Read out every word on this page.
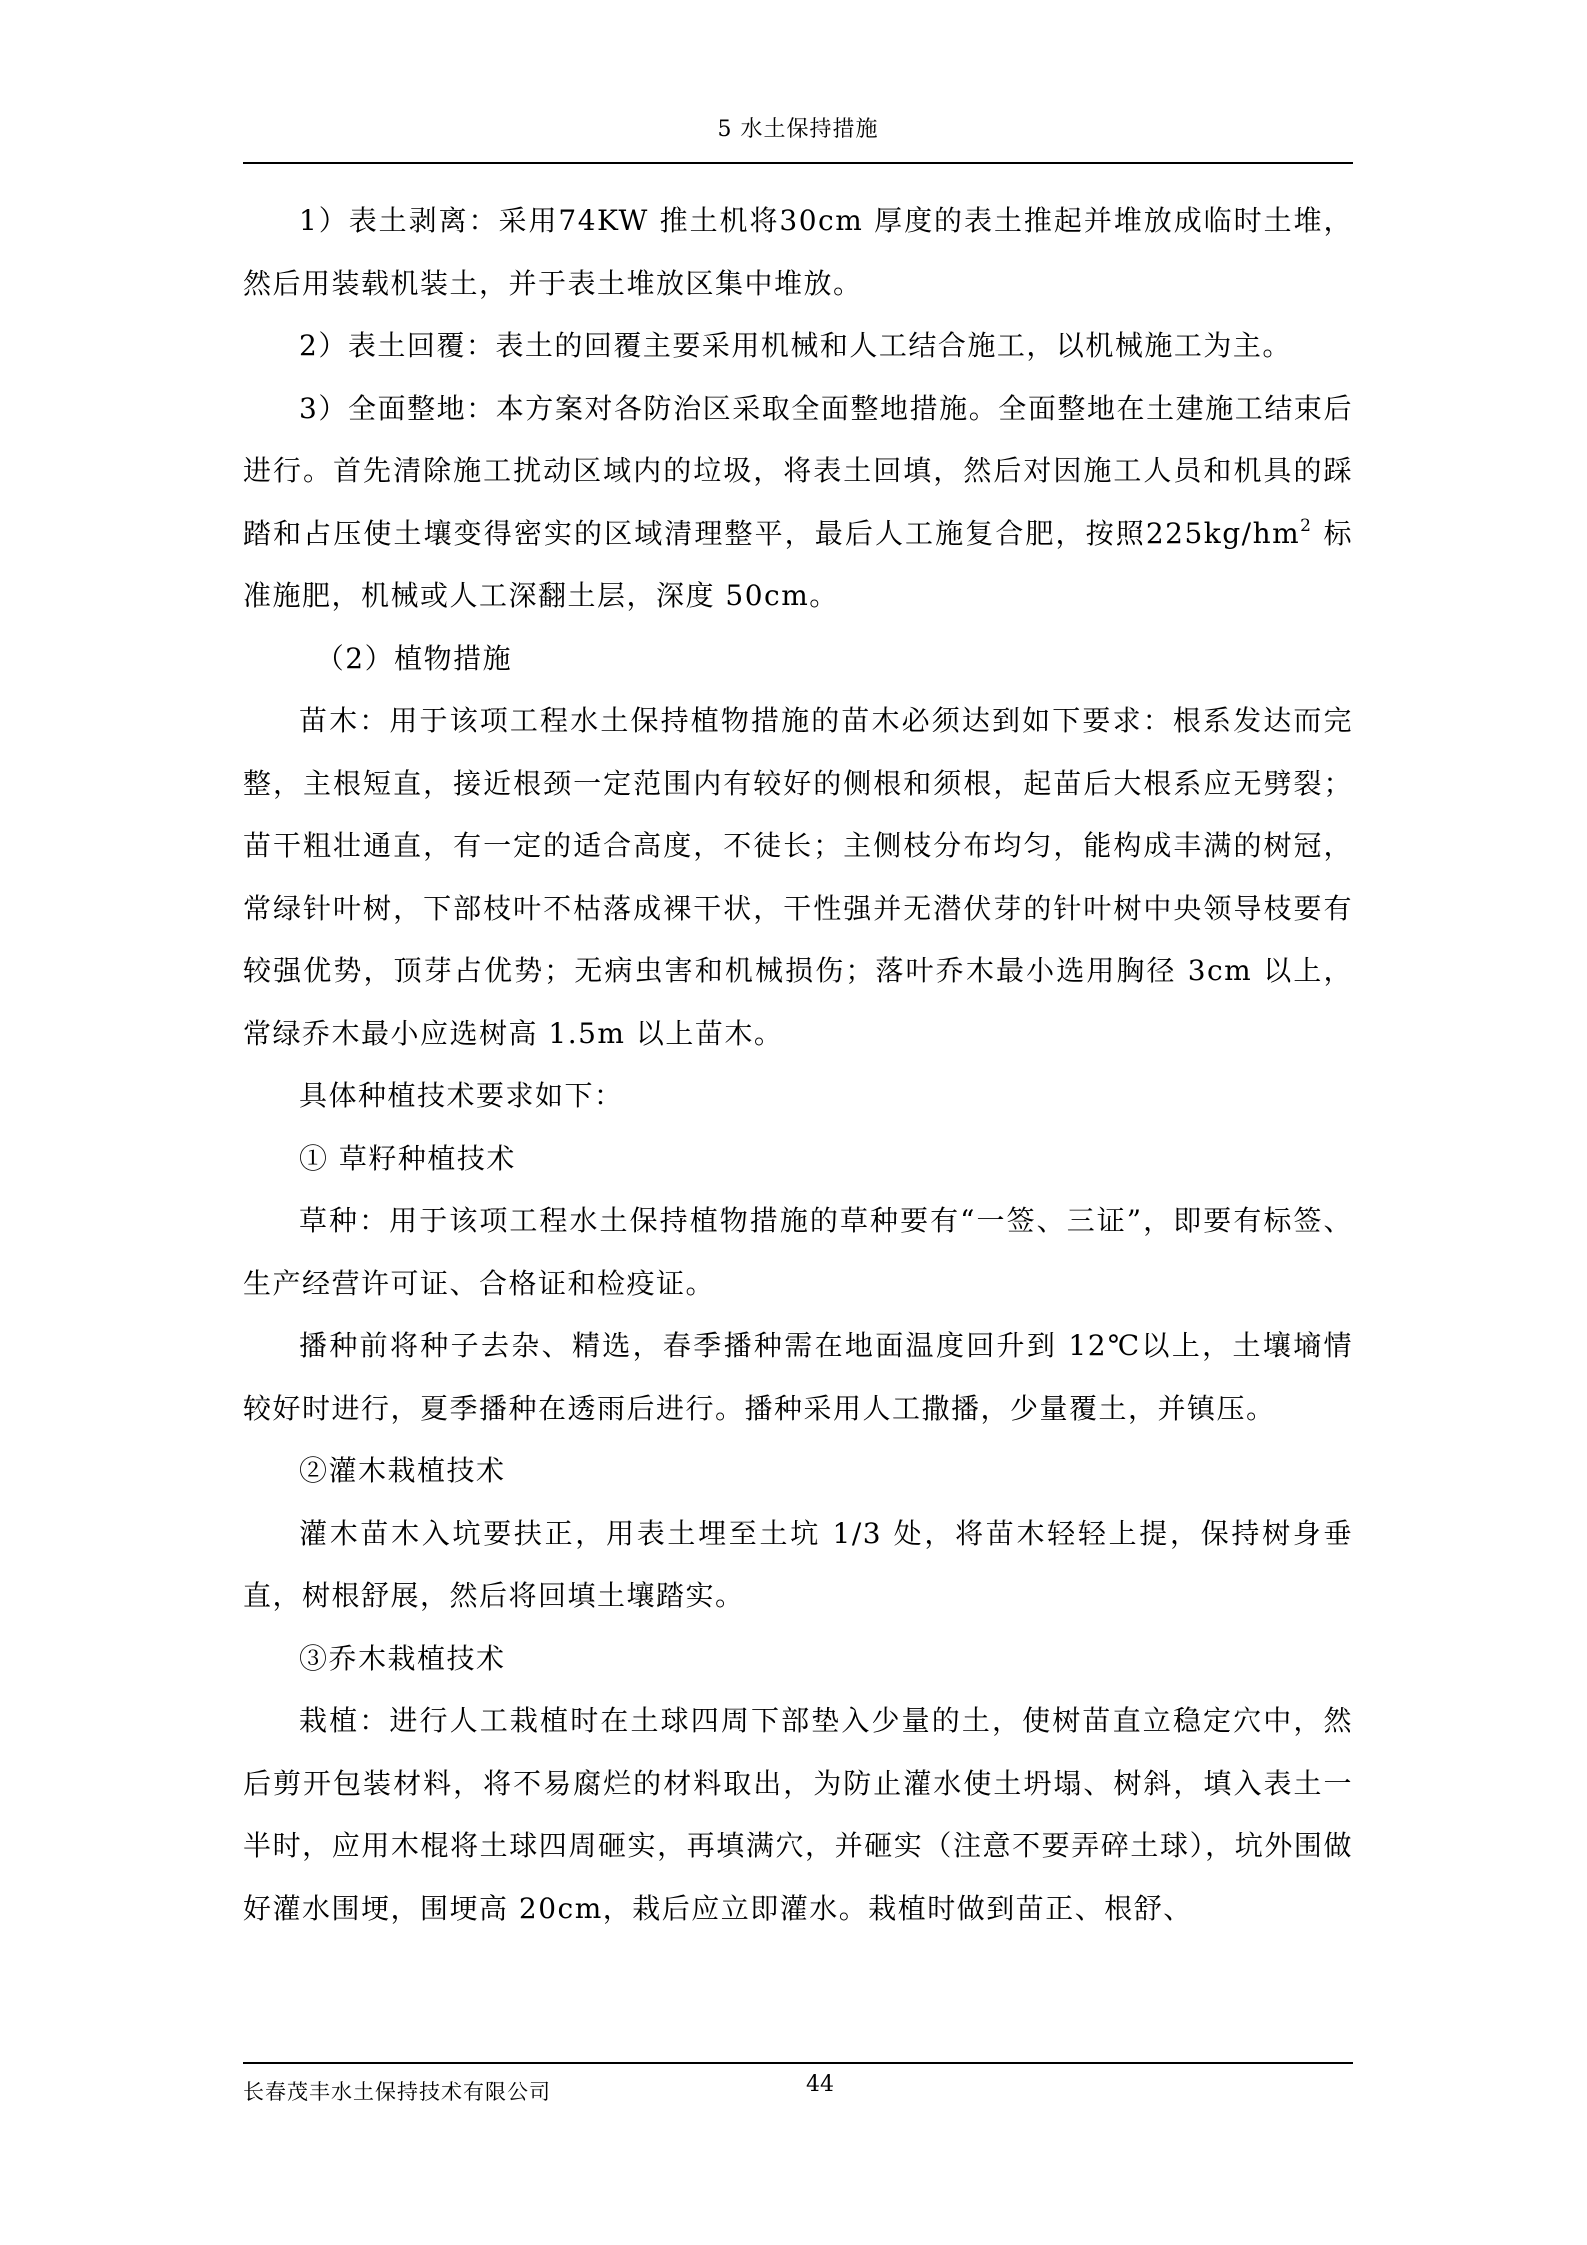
5 水土保持措施

1）表土剥离：采用74KW 推土机将30cm 厚度的表土推起并堆放成临时土堆，然后用装载机装土，并于表土堆放区集中堆放。

2）表土回覆：表土的回覆主要采用机械和人工结合施工，以机械施工为主。

3）全面整地：本方案对各防治区采取全面整地措施。全面整地在土建施工结束后进行。首先清除施工扰动区域内的垃圾，将表土回填，然后对因施工人员和机具的踩踏和占压使土壤变得密实的区域清理整平，最后人工施复合肥，按照$225kg/hm^2$ 标准施肥，机械或人工深翻土层，深度 50cm。

（2）植物措施

苗木：用于该项工程水土保持植物措施的苗木必须达到如下要求：根系发达而完整，主根短直，接近根颈一定范围内有较好的侧根和须根，起苗后大根系应无劈裂；苗干粗壮通直，有一定的适合高度，不徒长；主侧枝分布均匀，能构成丰满的树冠，常绿针叶树，下部枝叶不枯落成裸干状，干性强并无潜伏芽的针叶树中央领导枝要有较强优势，顶芽占优势；无病虫害和机械损伤；落叶乔木最小选用胸径 3cm 以上，常绿乔木最小应选树高 1.5m 以上苗木。

具体种植技术要求如下：

① 草籽种植技术

草种：用于该项工程水土保持植物措施的草种要有“一签、三证”，即要有标签、生产经营许可证、合格证和检疫证。

播种前将种子去杂、精选，春季播种需在地面温度回升到 12℃以上，土壤墒情较好时进行，夏季播种在透雨后进行。播种采用人工撒播，少量覆土，并镇压。

②灌木栽植技术

灌木苗木入坑要扶正，用表土埋至土坑 1/3 处，将苗木轻轻上提，保持树身垂直，树根舒展，然后将回填土壤踏实。

③乔木栽植技术

栽植：进行人工栽植时在土球四周下部垫入少量的土，使树苗直立稳定穴中，然后剪开包装材料，将不易腐烂的材料取出，为防止灌水使土坍塌、树斜，填入表土一半时，应用木棍将土球四周砸实，再填满穴，并砸实（注意不要弄碎土球），坑外围做好灌水围埂，围埂高 20cm，栽后应立即灌水。栽植时做到苗正、根舒、

长春茂丰水土保持技术有限公司	44
